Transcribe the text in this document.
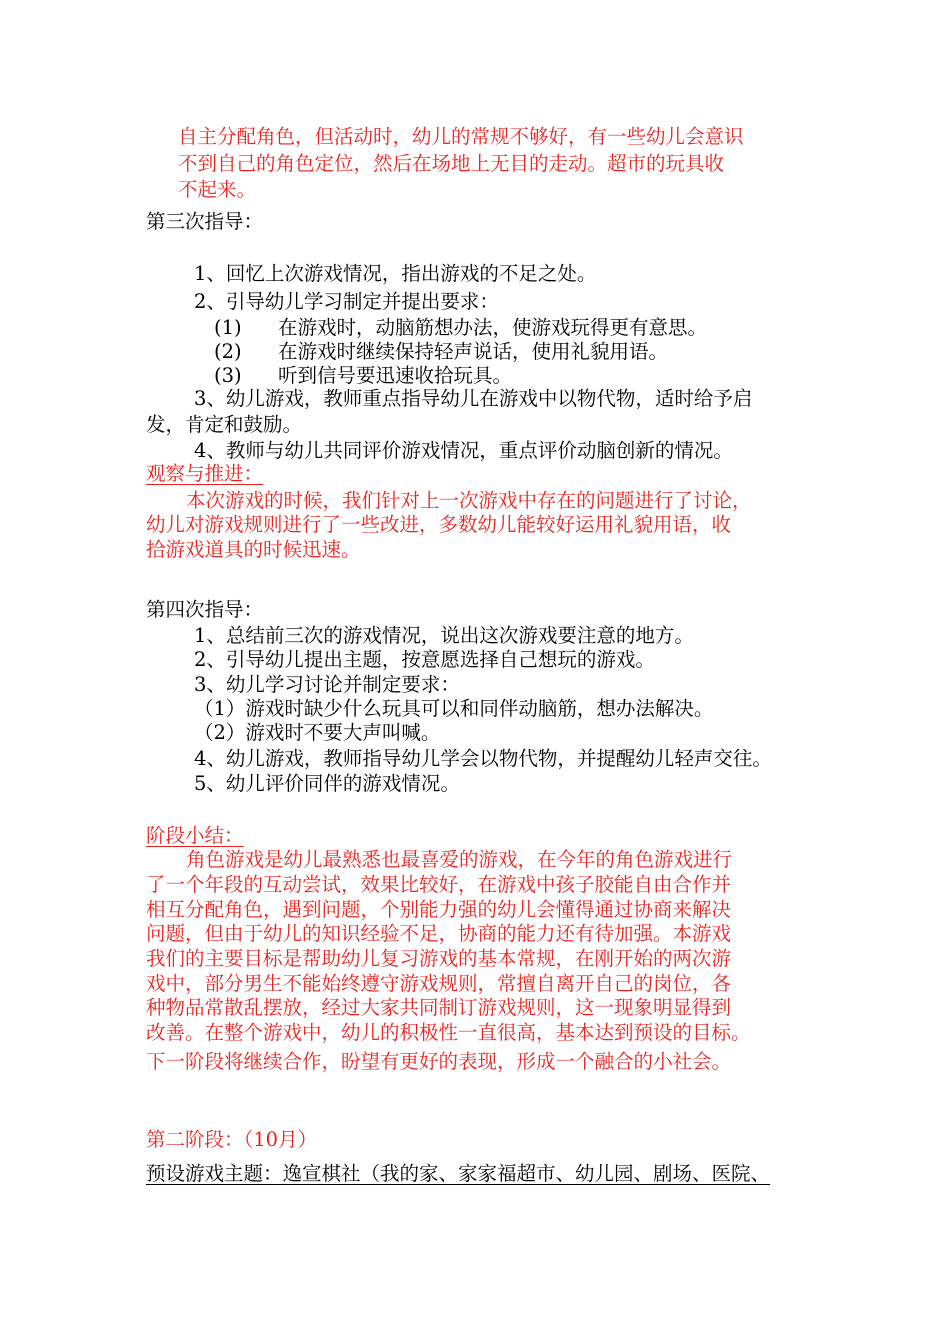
自主分配角色，但活动时，幼儿的常规不够好，有一些幼儿会意识
不到自己的角色定位，然后在场地上无目的走动。超市的玩具收
不起来。
第三次指导：
1、回忆上次游戏情况，指出游戏的不足之处。
2、引导幼儿学习制定并提出要求：
(1) 在游戏时，动脑筋想办法，使游戏玩得更有意思。
(2) 在游戏时继续保持轻声说话，使用礼貌用语。
(3) 听到信号要迅速收拾玩具。
3、幼儿游戏，教师重点指导幼儿在游戏中以物代物，适时给予启
发，肯定和鼓励。
4、教师与幼儿共同评价游戏情况，重点评价动脑创新的情况。
观察与推进：
本次游戏的时候，我们针对上一次游戏中存在的问题进行了讨论，
幼儿对游戏规则进行了一些改进，多数幼儿能较好运用礼貌用语，收
拾游戏道具的时候迅速。
第四次指导：
1、总结前三次的游戏情况，说出这次游戏要注意的地方。
2、引导幼儿提出主题，按意愿选择自己想玩的游戏。
3、幼儿学习讨论并制定要求：
（1）游戏时缺少什么玩具可以和同伴动脑筋，想办法解决。
（2）游戏时不要大声叫喊。
4、幼儿游戏，教师指导幼儿学会以物代物，并提醒幼儿轻声交往。
5、幼儿评价同伴的游戏情况。
阶段小结：
角色游戏是幼儿最熟悉也最喜爱的游戏，在今年的角色游戏进行
了一个年段的互动尝试，效果比较好，在游戏中孩子胶能自由合作并
相互分配角色，遇到问题，个别能力强的幼儿会懂得通过协商来解决
问题，但由于幼儿的知识经验不足，协商的能力还有待加强。本游戏
我们的主要目标是帮助幼儿复习游戏的基本常规，在刚开始的两次游
戏中，部分男生不能始终遵守游戏规则，常擅自离开自己的岗位，各
种物品常散乱摆放，经过大家共同制订游戏规则，这一现象明显得到
改善。在整个游戏中，幼儿的积极性一直很高，基本达到预设的目标。
下一阶段将继续合作，盼望有更好的表现，形成一个融合的小社会。
第二阶段：（10月）
预设游戏主题：逸宣棋社（我的家、家家福超市、幼儿园、剧场、医院、
